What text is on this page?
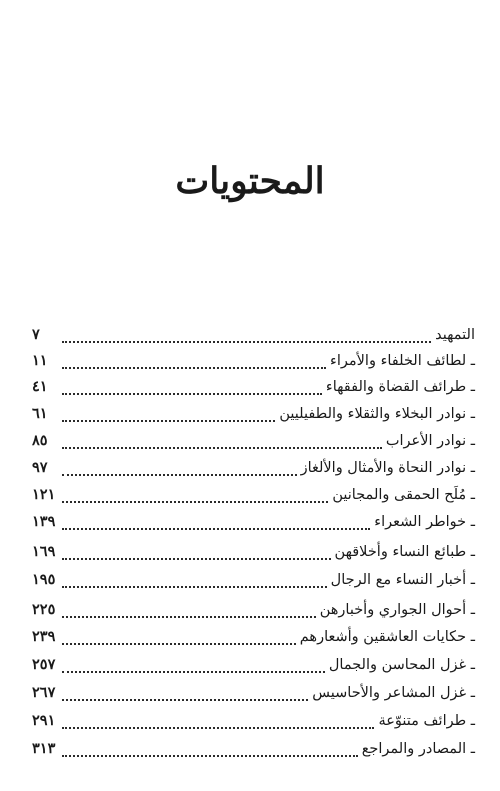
المحتويات
التمهيد
٧
ـ لطائف الخلفاء والأمراء
١١
ـ طرائف القضاة والفقهاء
٤١
ـ نوادر البخلاء والثقلاء والطفيليين
٦١
ـ نوادر الأعراب
٨٥
ـ نوادر النحاة والأمثال والألغاز
٩٧
ـ مُلَح الحمقى والمجانين
١٢١
ـ خواطر الشعراء
١٣٩
ـ طبائع النساء وأخلاقهن
١٦٩
ـ أخبار النساء مع الرجال
١٩٥
ـ أحوال الجواري وأخبارهن
٢٢٥
ـ حكايات العاشقين وأشعارهم
٢٣٩
ـ غزل المحاسن والجمال
٢٥٧
ـ غزل المشاعر والأحاسيس
٢٦٧
ـ طرائف متنوّعة
٢٩١
ـ المصادر والمراجع
٣١٣
